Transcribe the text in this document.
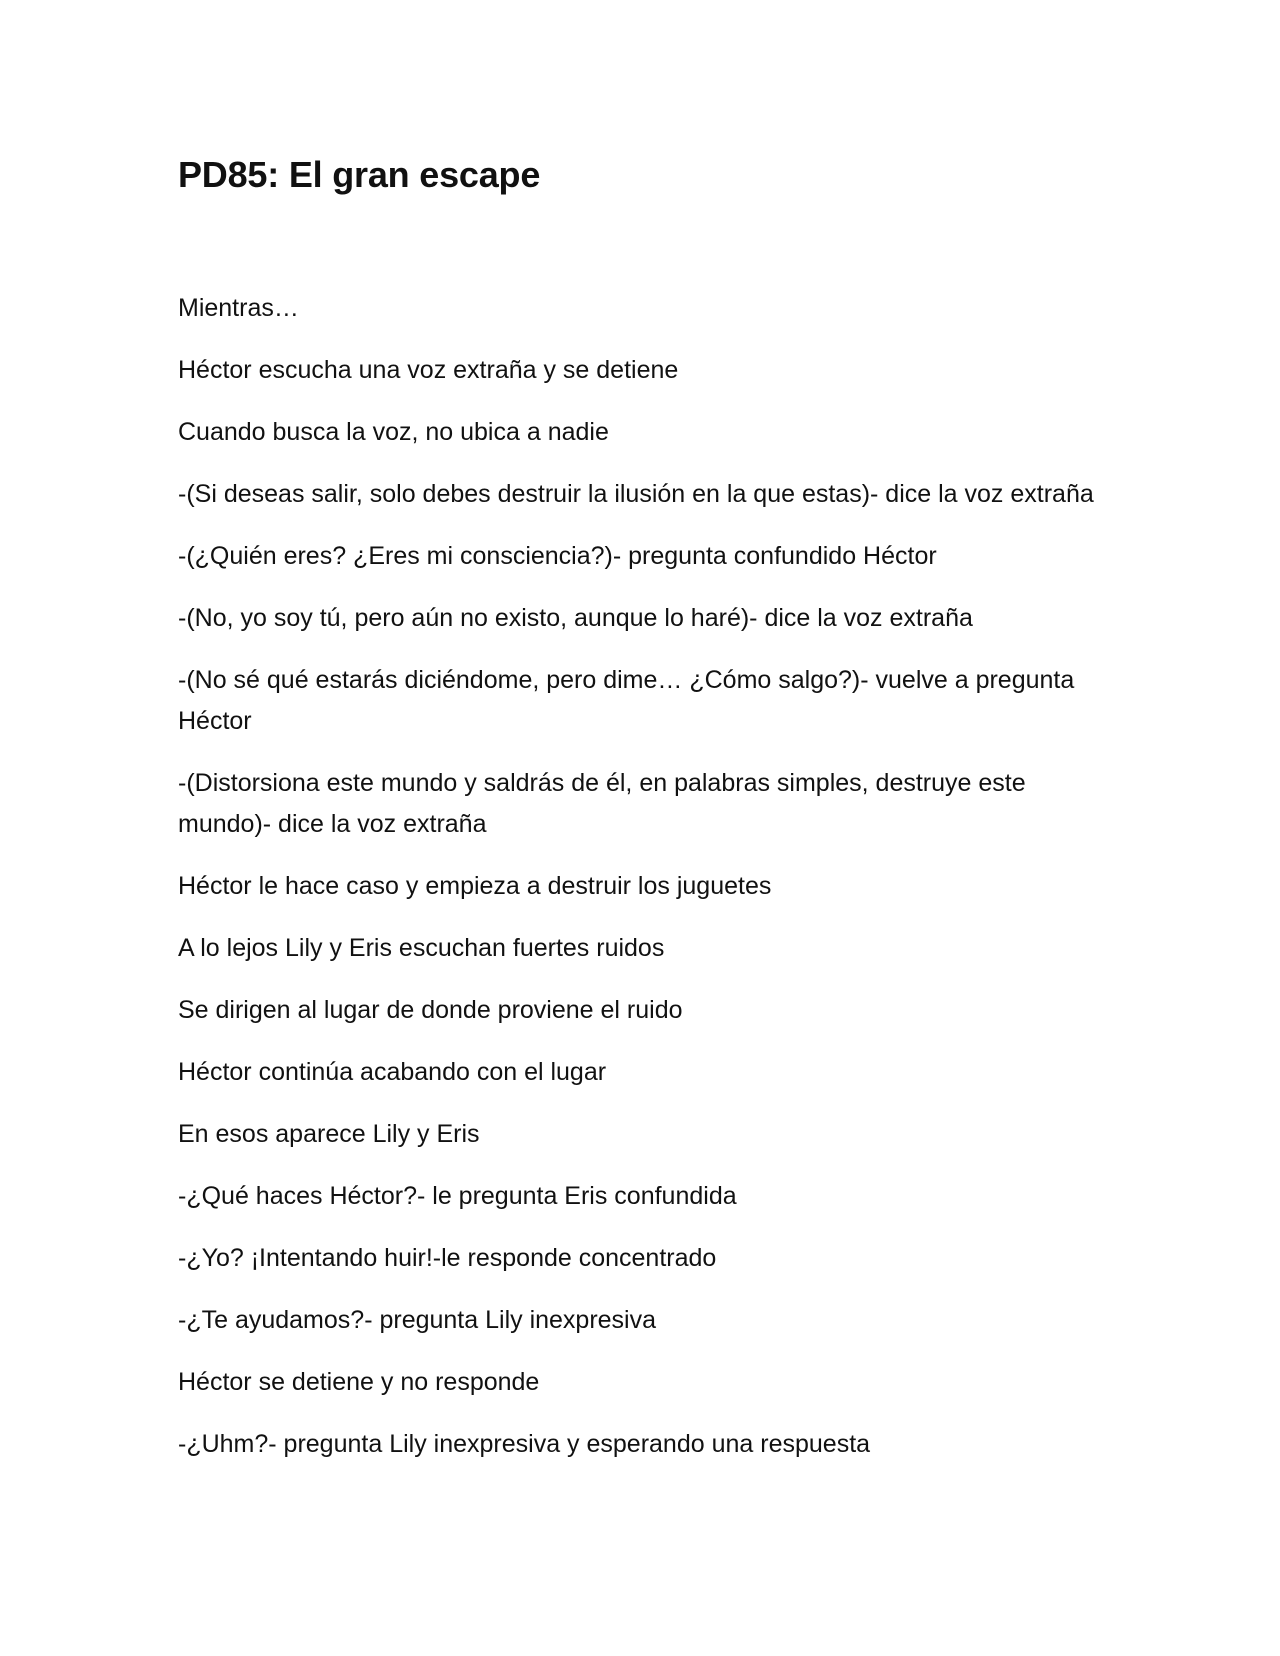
PD85: El gran escape

Mientras…

Héctor escucha una voz extraña y se detiene

Cuando busca la voz, no ubica a nadie

-(Si deseas salir, solo debes destruir la ilusión en la que estas)- dice la voz extraña

-(¿Quién eres? ¿Eres mi consciencia?)- pregunta confundido Héctor

-(No, yo soy tú, pero aún no existo, aunque lo haré)- dice la voz extraña

-(No sé qué estarás diciéndome, pero dime… ¿Cómo salgo?)- vuelve a pregunta Héctor

-(Distorsiona este mundo y saldrás de él, en palabras simples, destruye este mundo)- dice la voz extraña

Héctor le hace caso y empieza a destruir los juguetes

A lo lejos Lily y Eris escuchan fuertes ruidos

Se dirigen al lugar de donde proviene el ruido

Héctor continúa acabando con el lugar

En esos aparece Lily y Eris

-¿Qué haces Héctor?- le pregunta Eris confundida

-¿Yo? ¡Intentando huir!-le responde concentrado

-¿Te ayudamos?- pregunta Lily inexpresiva

Héctor se detiene y no responde

-¿Uhm?- pregunta Lily inexpresiva y esperando una respuesta
